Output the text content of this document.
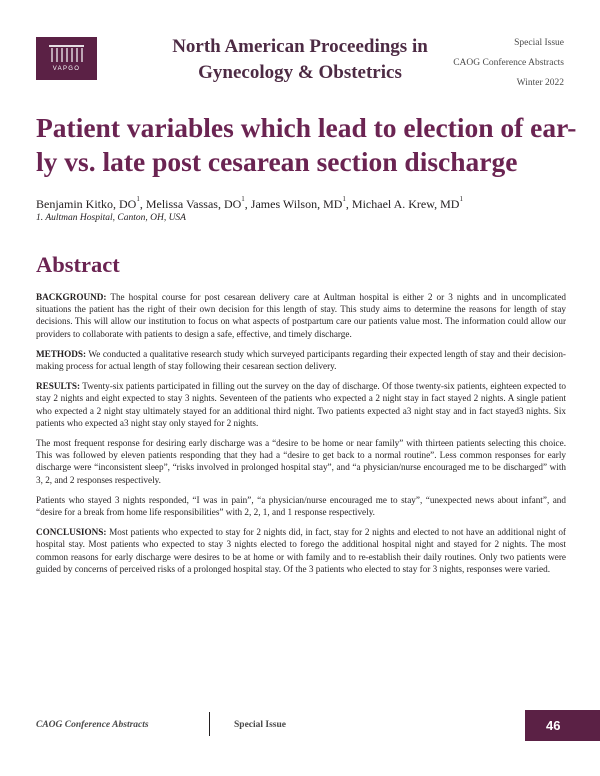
VAPGO
North American Proceedings in
Gynecology & Obstetrics
Special Issue
CAOG Conference Abstracts
Winter 2022
Patient variables which lead to election of ear-
ly vs. late post cesarean section discharge
Benjamin Kitko, $DO^1$, Melissa Vassas, $DO^1$, James Wilson, $MD^1$, Michael A. Krew, $MD^1$
1. Aultman Hospital, Canton, OH, USA
Abstract

BACKGROUND: The hospital course for post cesarean delivery care at Aultman hospital is either 2 or 3 nights and in uncomplicated situations the patient has the right of their own decision for this length of stay. This study aims to determine the reasons for length of stay decisions. This will allow our institution to focus on what aspects of postpartum care our patients value most. The information could allow our providers to collaborate with patients to design a safe, effective, and timely discharge.

METHODS: We conducted a qualitative research study which surveyed participants regarding their expected length of stay and their decision-making process for actual length of stay following their cesarean section delivery.

RESULTS: Twenty-six patients participated in filling out the survey on the day of discharge. Of those twenty-six patients, eighteen expected to stay 2 nights and eight expected to stay 3 nights. Seventeen of the patients who expected a 2 night stay in fact stayed 2 nights. A single patient who expected a 2 night stay ultimately stayed for an additional third night. Two patients expected a3 night stay and in fact stayed3 nights. Six patients who expected a3 night stay only stayed for 2 nights.

The most frequent response for desiring early discharge was a “desire to be home or near family” with thirteen patients selecting this choice. This was followed by eleven patients responding that they had a “desire to get back to a normal routine”. Less common responses for early discharge were “inconsistent sleep”, “risks involved in prolonged hospital stay”, and “a physician/nurse encouraged me to be discharged” with 3, 2, and 2 responses respectively.

Patients who stayed 3 nights responded, “I was in pain”, “a physician/nurse encouraged me to stay”, “unexpected news about infant”, and “desire for a break from home life responsibilities” with 2, 2, 1, and 1 response respectively.

CONCLUSIONS: Most patients who expected to stay for 2 nights did, in fact, stay for 2 nights and elected to not have an additional night of hospital stay. Most patients who expected to stay 3 nights elected to forego the additional hospital night and stayed for 2 nights. The most common reasons for early discharge were desires to be at home or with family and to re-establish their daily routines. Only two patients were guided by concerns of perceived risks of a prolonged hospital stay. Of the 3 patients who elected to stay for 3 nights, responses were varied.

CAOG Conference Abstracts	Special Issue	46
